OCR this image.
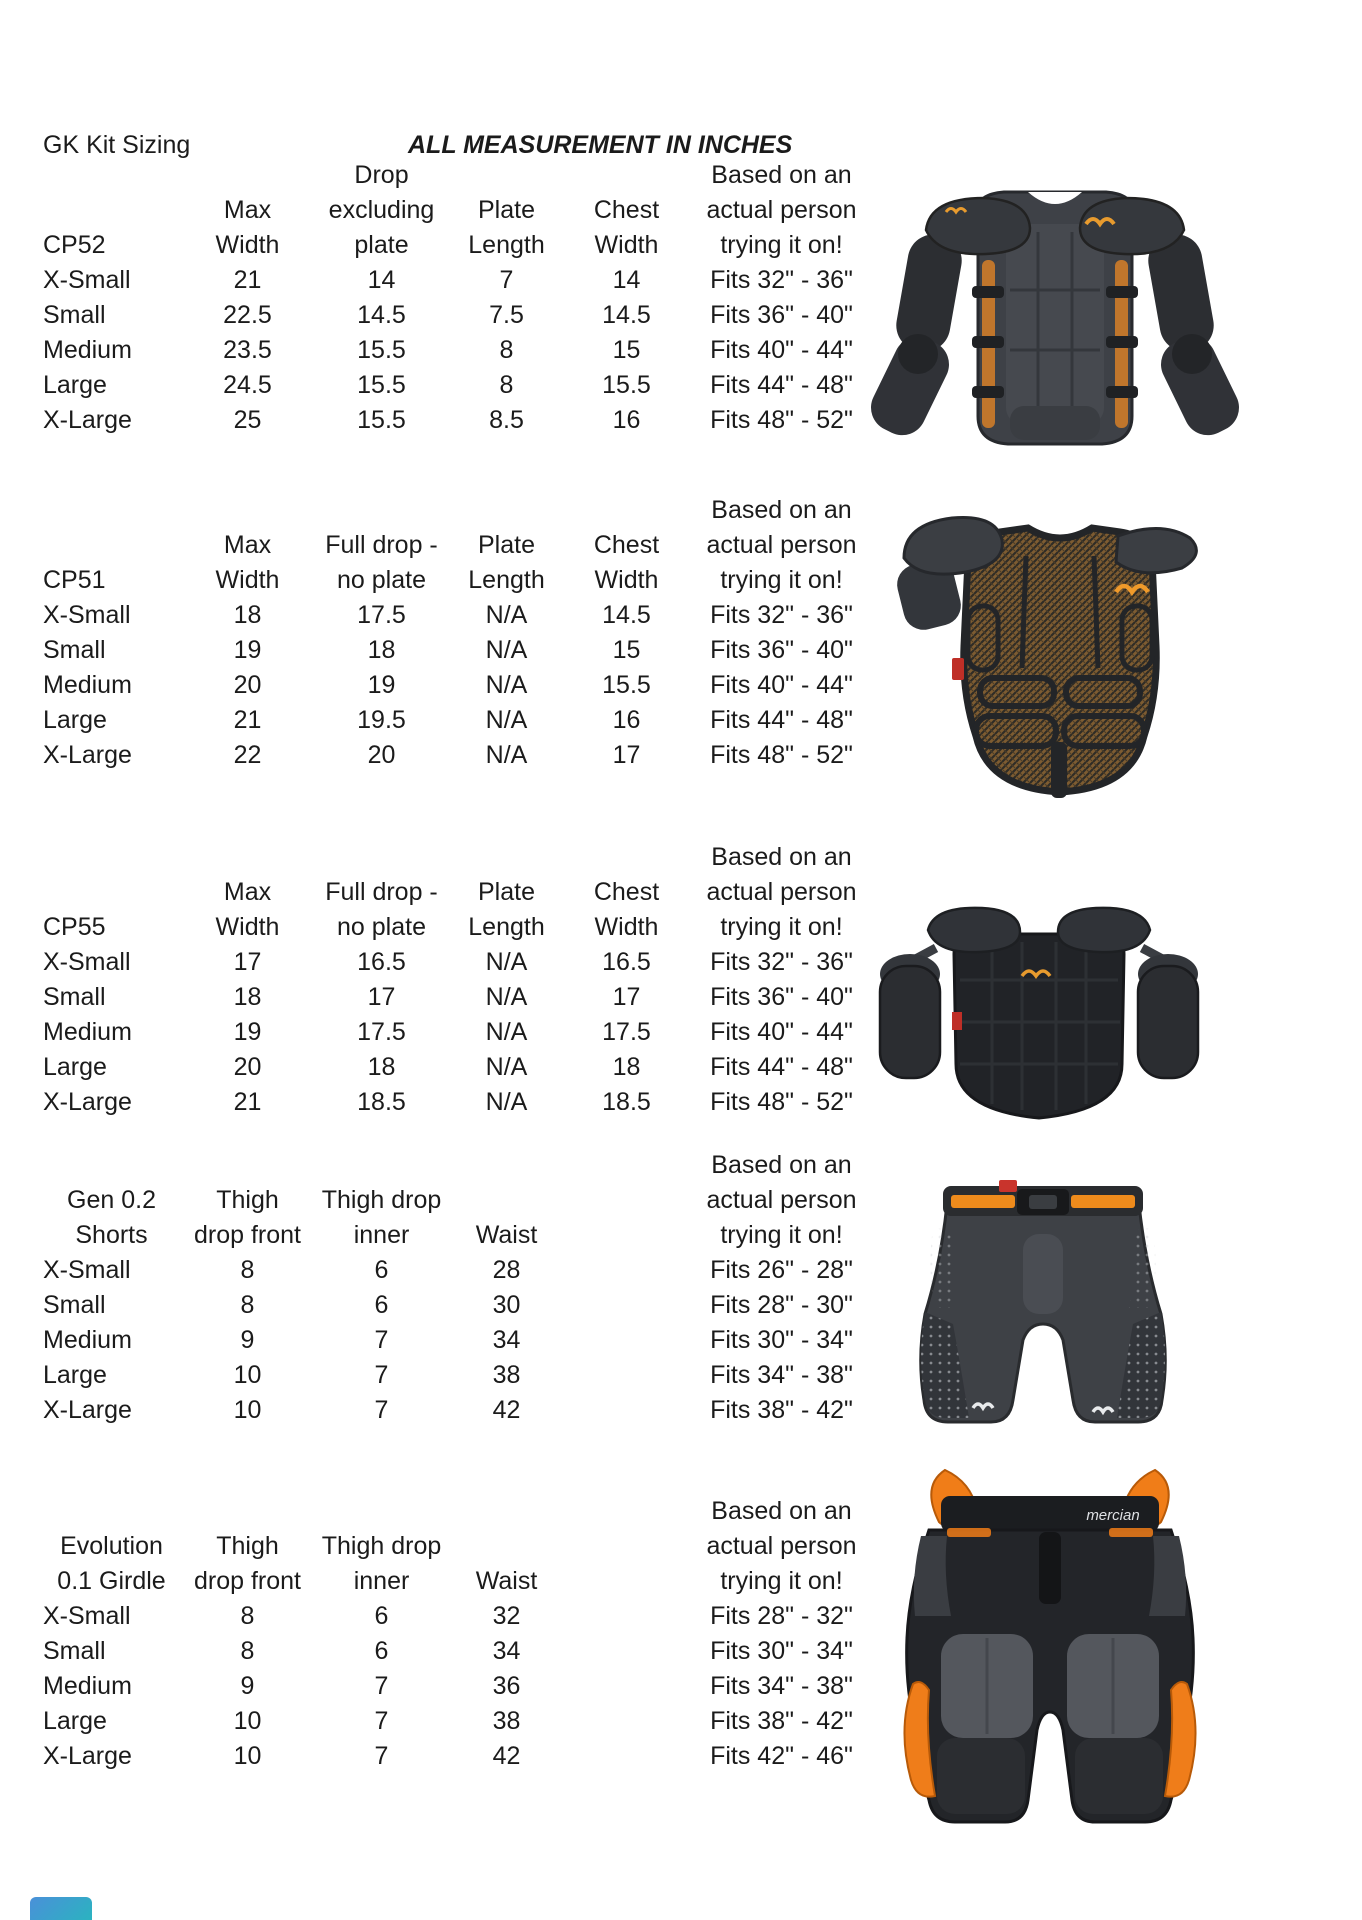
GK Kit Sizing	ALL MEASUREMENT IN INCHES
Drop	Based on an
Max	excluding	Plate	Chest	actual person
CP52	Width	plate	Length	Width	trying it on!
X-Small	21	14	7	14	Fits 32" - 36"
Small	22.5	14.5	7.5	14.5	Fits 36" - 40"
Medium	23.5	15.5	8	15	Fits 40" - 44"
Large	24.5	15.5	8	15.5	Fits 44" - 48"
X-Large	25	15.5	8.5	16	Fits 48" - 52"
Based on an
Max	Full drop -	Plate	Chest	actual person
CP51	Width	no plate	Length	Width	trying it on!
X-Small	18	17.5	N/A	14.5	Fits 32" - 36"
Small	19	18	N/A	15	Fits 36" - 40"
Medium	20	19	N/A	15.5	Fits 40" - 44"
Large	21	19.5	N/A	16	Fits 44" - 48"
X-Large	22	20	N/A	17	Fits 48" - 52"
Based on an
Max	Full drop -	Plate	Chest	actual person
CP55	Width	no plate	Length	Width	trying it on!
X-Small	17	16.5	N/A	16.5	Fits 32" - 36"
Small	18	17	N/A	17	Fits 36" - 40"
Medium	19	17.5	N/A	17.5	Fits 40" - 44"
Large	20	18	N/A	18	Fits 44" - 48"
X-Large	21	18.5	N/A	18.5	Fits 48" - 52"
Based on an
Gen 0.2	Thigh	Thigh drop	actual person
Shorts	drop front	inner	Waist	trying it on!
X-Small	8	6	28	Fits 26" - 28"
Small	8	6	30	Fits 28" - 30"
Medium	9	7	34	Fits 30" - 34"
Large	10	7	38	Fits 34" - 38"
X-Large	10	7	42	Fits 38" - 42"
Based on an
Evolution	Thigh	Thigh drop	actual person
0.1 Girdle	drop front	inner	Waist	trying it on!
X-Small	8	6	32	Fits 28" - 32"
Small	8	6	34	Fits 30" - 34"
Medium	9	7	36	Fits 34" - 38"
Large	10	7	38	Fits 38" - 42"
X-Large	10	7	42	Fits 42" - 46"
mercian
